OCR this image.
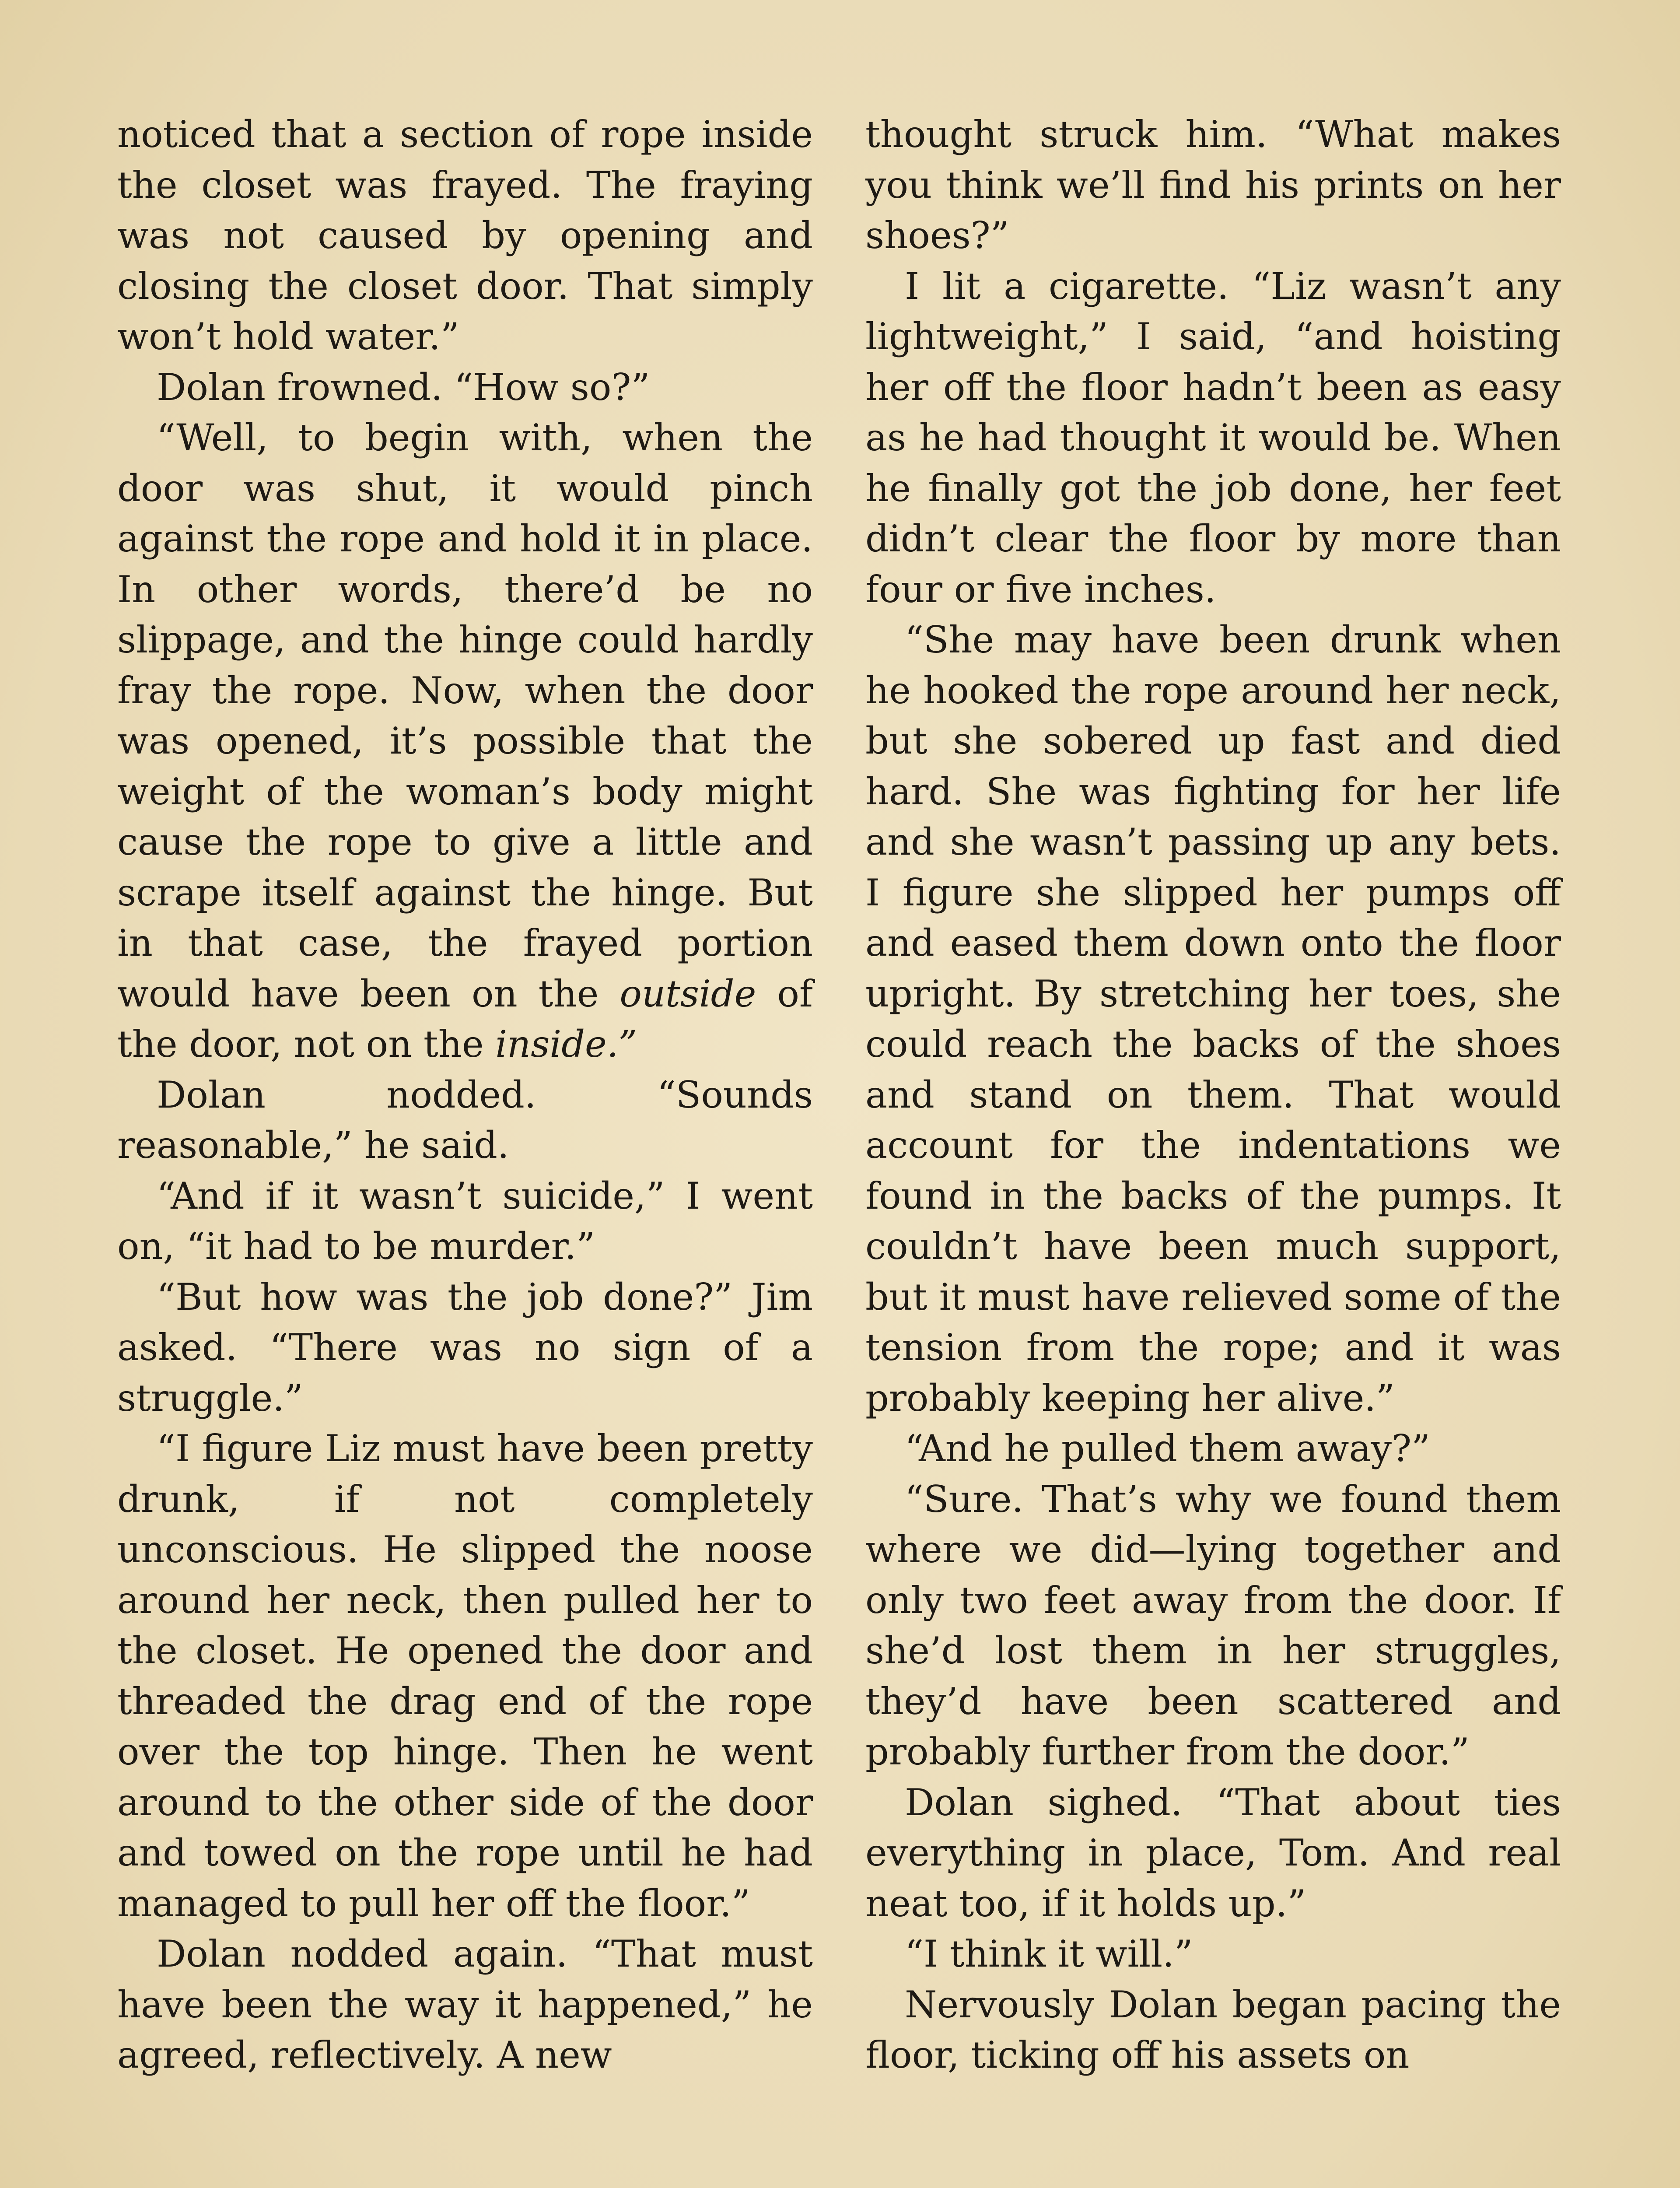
noticed that a section of rope inside the closet was frayed. The fraying was not caused by opening and closing the closet door. That simply won’t hold water.”

Dolan frowned. “How so?”

“Well, to begin with, when the door was shut, it would pinch against the rope and hold it in place. In other words, there’d be no slippage, and the hinge could hardly fray the rope. Now, when the door was opened, it’s possible that the weight of the woman’s body might cause the rope to give a little and scrape itself against the hinge. But in that case, the frayed portion would have been on the outside of the door, not on the inside.”

Dolan nodded. “Sounds reasonable,” he said.

“And if it wasn’t suicide,” I went on, “it had to be murder.”

“But how was the job done?” Jim asked. “There was no sign of a struggle.”

“I figure Liz must have been pretty drunk, if not completely unconscious. He slipped the noose around her neck, then pulled her to the closet. He opened the door and threaded the drag end of the rope over the top hinge. Then he went around to the other side of the door and towed on the rope until he had managed to pull her off the floor.”

Dolan nodded again. “That must have been the way it happened,” he agreed, reflectively. A new

thought struck him. “What makes you think we’ll find his prints on her shoes?”

I lit a cigarette. “Liz wasn’t any lightweight,” I said, “and hoisting her off the floor hadn’t been as easy as he had thought it would be. When he finally got the job done, her feet didn’t clear the floor by more than four or five inches.

“She may have been drunk when he hooked the rope around her neck, but she sobered up fast and died hard. She was fighting for her life and she wasn’t passing up any bets. I figure she slipped her pumps off and eased them down onto the floor upright. By stretching her toes, she could reach the backs of the shoes and stand on them. That would account for the indentations we found in the backs of the pumps. It couldn’t have been much support, but it must have relieved some of the tension from the rope; and it was probably keeping her alive.”

“And he pulled them away?”

“Sure. That’s why we found them where we did—lying together and only two feet away from the door. If she’d lost them in her struggles, they’d have been scattered and probably further from the door.”

Dolan sighed. “That about ties everything in place, Tom. And real neat too, if it holds up.”

“I think it will.”

Nervously Dolan began pacing the floor, ticking off his assets on
